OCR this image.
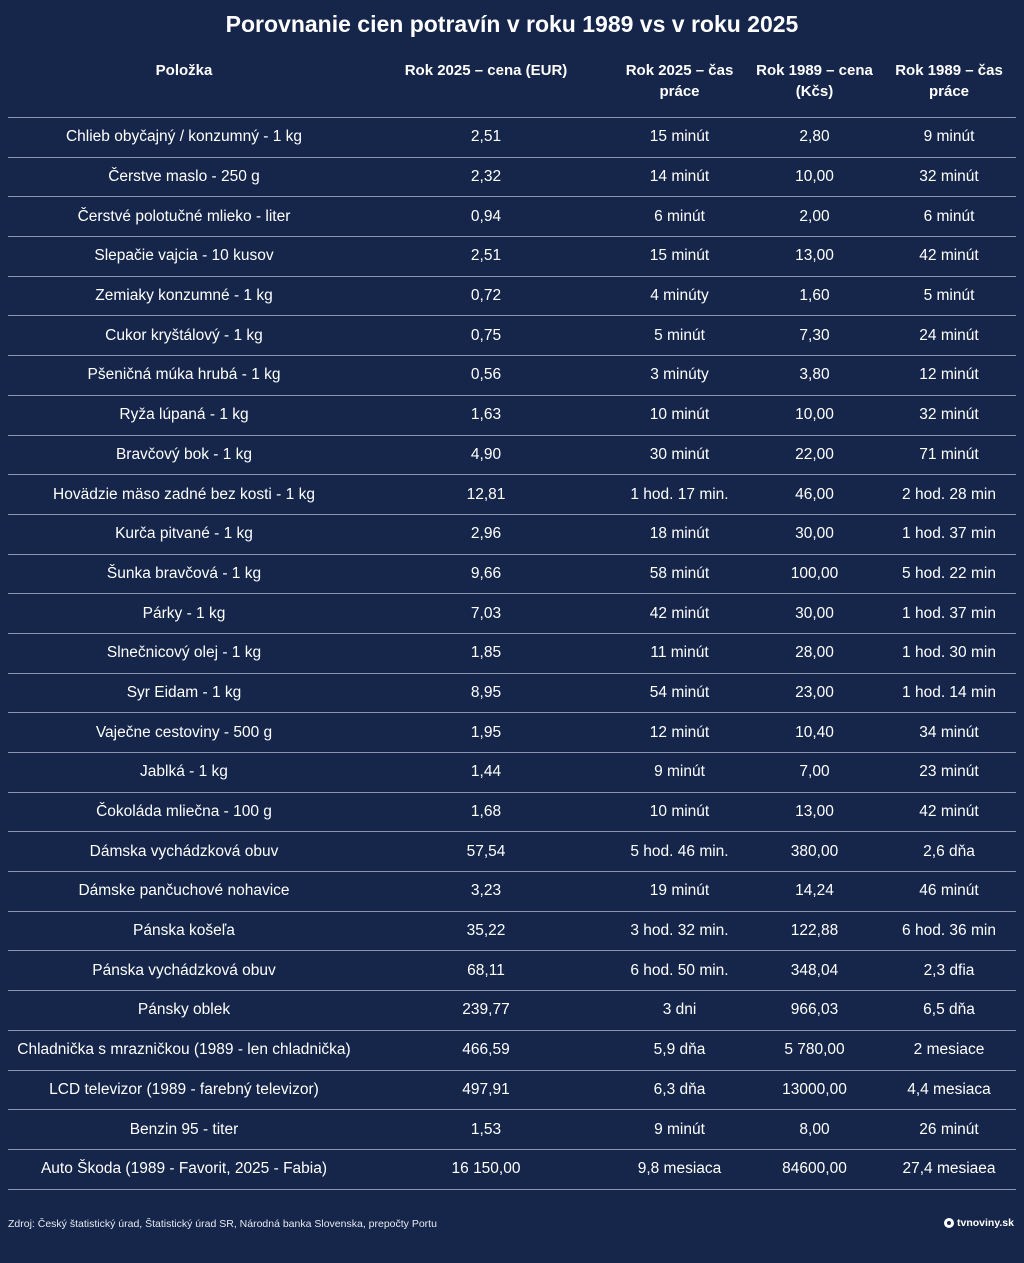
Porovnanie cien potravín v roku 1989 vs v roku 2025
Položka	Rok 2025 – cena (EUR)	Rok 2025 – čas práce	Rok 1989 – cena (Kčs)	Rok 1989 – čas práce
Chlieb obyčajný / konzumný - 1 kg	2,51	15 minút	2,80	9 minút
Čerstve maslo - 250 g	2,32	14 minút	10,00	32 minút
Čerstvé polotučné mlieko - liter	0,94	6 minút	2,00	6 minút
Slepačie vajcia - 10 kusov	2,51	15 minút	13,00	42 minút
Zemiaky konzumné - 1 kg	0,72	4 minúty	1,60	5 minút
Cukor kryštálový - 1 kg	0,75	5 minút	7,30	24 minút
Pšeničná múka hrubá - 1 kg	0,56	3 minúty	3,80	12 minút
Ryža lúpaná - 1 kg	1,63	10 minút	10,00	32 minút
Bravčový bok - 1 kg	4,90	30 minút	22,00	71 minút
Hovädzie mäso zadné bez kosti - 1 kg	12,81	1 hod. 17 min.	46,00	2 hod. 28 min
Kurča pitvané - 1 kg	2,96	18 minút	30,00	1 hod. 37 min
Šunka bravčová - 1 kg	9,66	58 minút	100,00	5 hod. 22 min
Párky - 1 kg	7,03	42 minút	30,00	1 hod. 37 min
Slnečnicový olej - 1 kg	1,85	11 minút	28,00	1 hod. 30 min
Syr Eidam - 1 kg	8,95	54 minút	23,00	1 hod. 14 min
Vaječne cestoviny - 500 g	1,95	12 minút	10,40	34 minút
Jablká - 1 kg	1,44	9 minút	7,00	23 minút
Čokoláda mliečna - 100 g	1,68	10 minút	13,00	42 minút
Dámska vychádzková obuv	57,54	5 hod. 46 min.	380,00	2,6 dňa
Dámske pančuchové nohavice	3,23	19 minút	14,24	46 minút
Pánska košeľa	35,22	3 hod. 32 min.	122,88	6 hod. 36 min
Pánska vychádzková obuv	68,11	6 hod. 50 min.	348,04	2,3 dfia
Pánsky oblek	239,77	3 dni	966,03	6,5 dňa
Chladnička s mrazničkou (1989 - len chladnička)	466,59	5,9 dňa	5 780,00	2 mesiace
LCD televizor (1989 - farebný televizor)	497,91	6,3 dňa	13000,00	4,4 mesiaca
Benzin 95 - titer	1,53	9 minút	8,00	26 minút
Auto Škoda (1989 - Favorit, 2025 - Fabia)	16 150,00	9,8 mesiaca	84600,00	27,4 mesiaea
Zdroj: Český štatistický úrad, Štatistický úrad SR, Národná banka Slovenska, prepočty Portu	tvnoviny.sk
